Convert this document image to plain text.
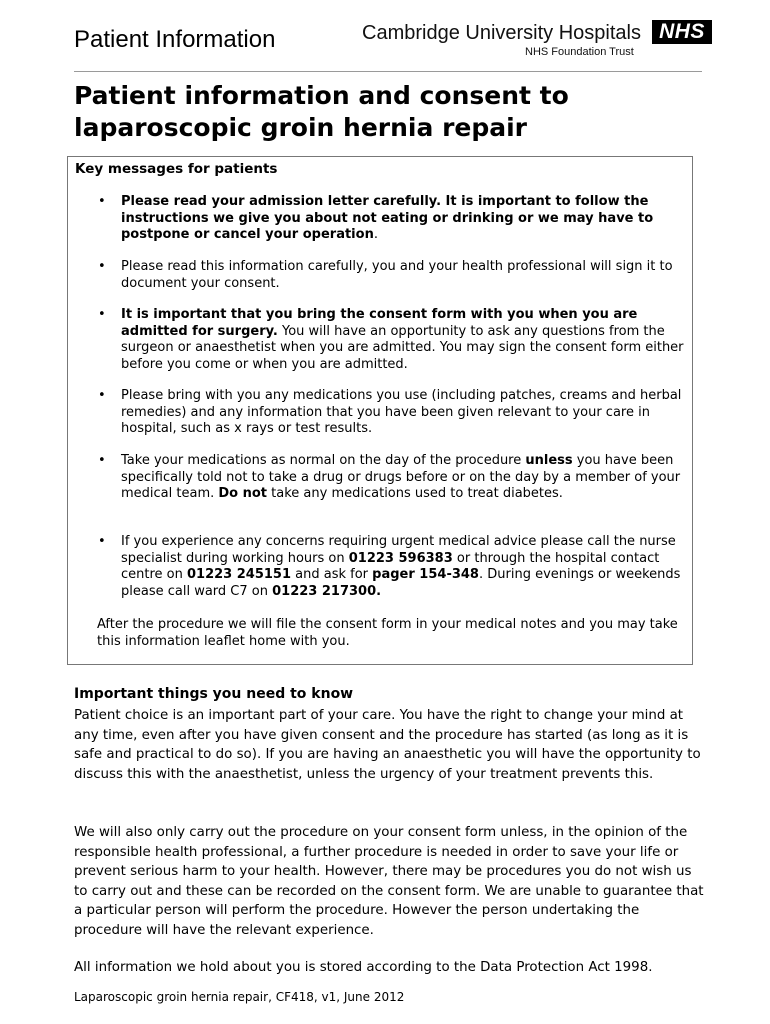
Patient Information	Cambridge University Hospitals
NHS Foundation Trust
NHS
Patient information and consent to
laparoscopic groin hernia repair
Key messages for patients
• Please read your admission letter carefully. It is important to follow the instructions we give you about not eating or drinking or we may have to postpone or cancel your operation.
• Please read this information carefully, you and your health professional will sign it to document your consent.
• It is important that you bring the consent form with you when you are admitted for surgery. You will have an opportunity to ask any questions from the surgeon or anaesthetist when you are admitted. You may sign the consent form either before you come or when you are admitted.
• Please bring with you any medications you use (including patches, creams and herbal remedies) and any information that you have been given relevant to your care in hospital, such as x rays or test results.
• Take your medications as normal on the day of the procedure unless you have been specifically told not to take a drug or drugs before or on the day by a member of your medical team. Do not take any medications used to treat diabetes.
• If you experience any concerns requiring urgent medical advice please call the nurse specialist during working hours on 01223 596383 or through the hospital contact centre on 01223 245151 and ask for pager 154-348. During evenings or weekends please call ward C7 on 01223 217300.

After the procedure we will file the consent form in your medical notes and you may take this information leaflet home with you.

Important things you need to know

Patient choice is an important part of your care. You have the right to change your mind at any time, even after you have given consent and the procedure has started (as long as it is safe and practical to do so). If you are having an anaesthetic you will have the opportunity to discuss this with the anaesthetist, unless the urgency of your treatment prevents this.

We will also only carry out the procedure on your consent form unless, in the opinion of the responsible health professional, a further procedure is needed in order to save your life or prevent serious harm to your health. However, there may be procedures you do not wish us to carry out and these can be recorded on the consent form. We are unable to guarantee that a particular person will perform the procedure. However the person undertaking the procedure will have the relevant experience.

All information we hold about you is stored according to the Data Protection Act 1998.

Laparoscopic groin hernia repair, CF418, v1, June 2012
